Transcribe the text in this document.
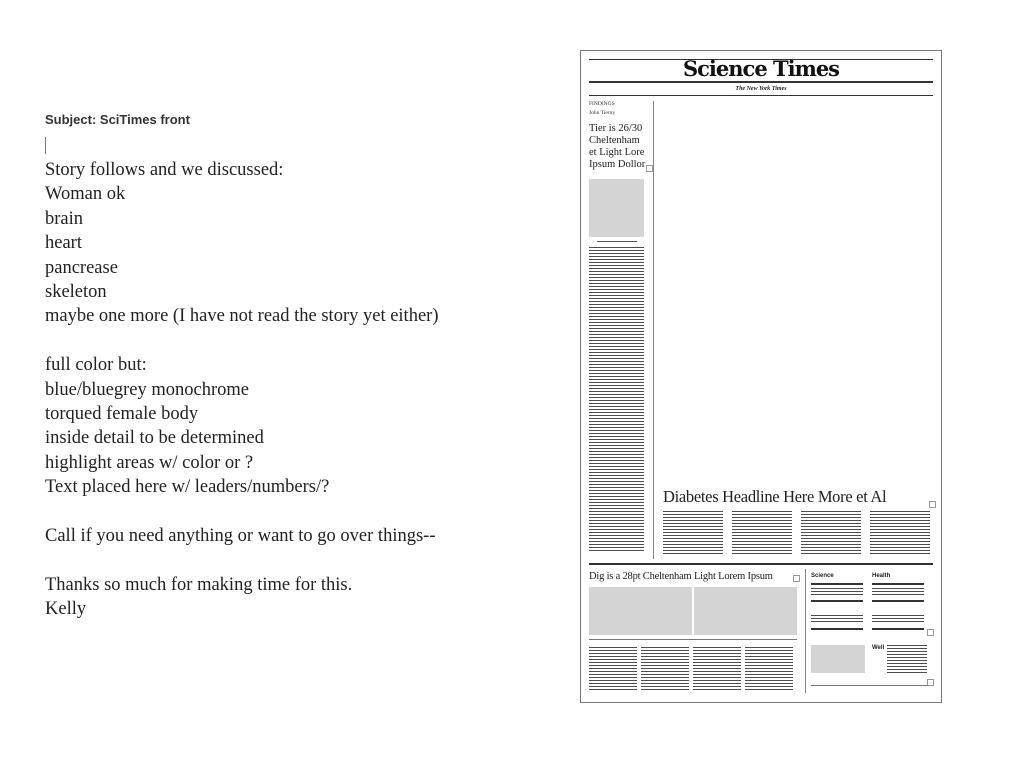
Subject: SciTimes front
Story follows and we discussed:
Woman ok
brain
heart
pancrease
skeleton
maybe one more (I have not read the story yet either)
full color but:
blue/bluegrey monochrome
torqued female body
inside detail to be determined
highlight areas w/ color or ?
Text placed here w/ leaders/numbers/?
Call if you need anything or want to go over things--
Thanks so much for making time for this.
Kelly
Science Times
The New York Times
FINDINGS
John Tierny
Tier is 26/30
Cheltenham
et Light Lore
Ipsum Dollor
Diabetes Headline Here More et Al
Dig is a 28pt Cheltenham Light Lorem Ipsum	Science	Health
Well
